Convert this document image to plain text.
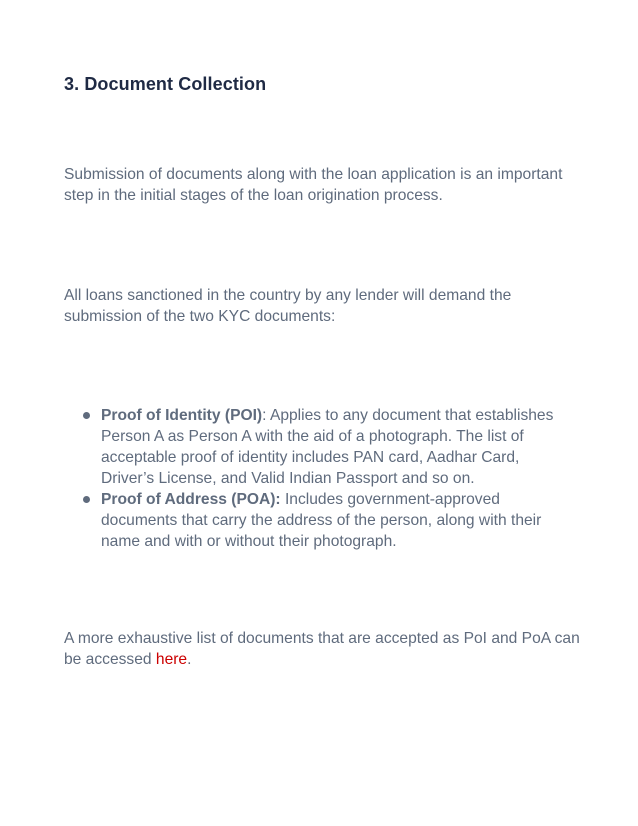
3. Document Collection

Submission of documents along with the loan application is an important step in the initial stages of the loan origination process.

All loans sanctioned in the country by any lender will demand the submission of the two KYC documents:

Proof of Identity (POI): Applies to any document that establishes Person A as Person A with the aid of a photograph. The list of acceptable proof of identity includes PAN card, Aadhar Card, Driver’s License, and Valid Indian Passport and so on.
Proof of Address (POA): Includes government-approved documents that carry the address of the person, along with their name and with or without their photograph.

A more exhaustive list of documents that are accepted as PoI and PoA can be accessed here.
